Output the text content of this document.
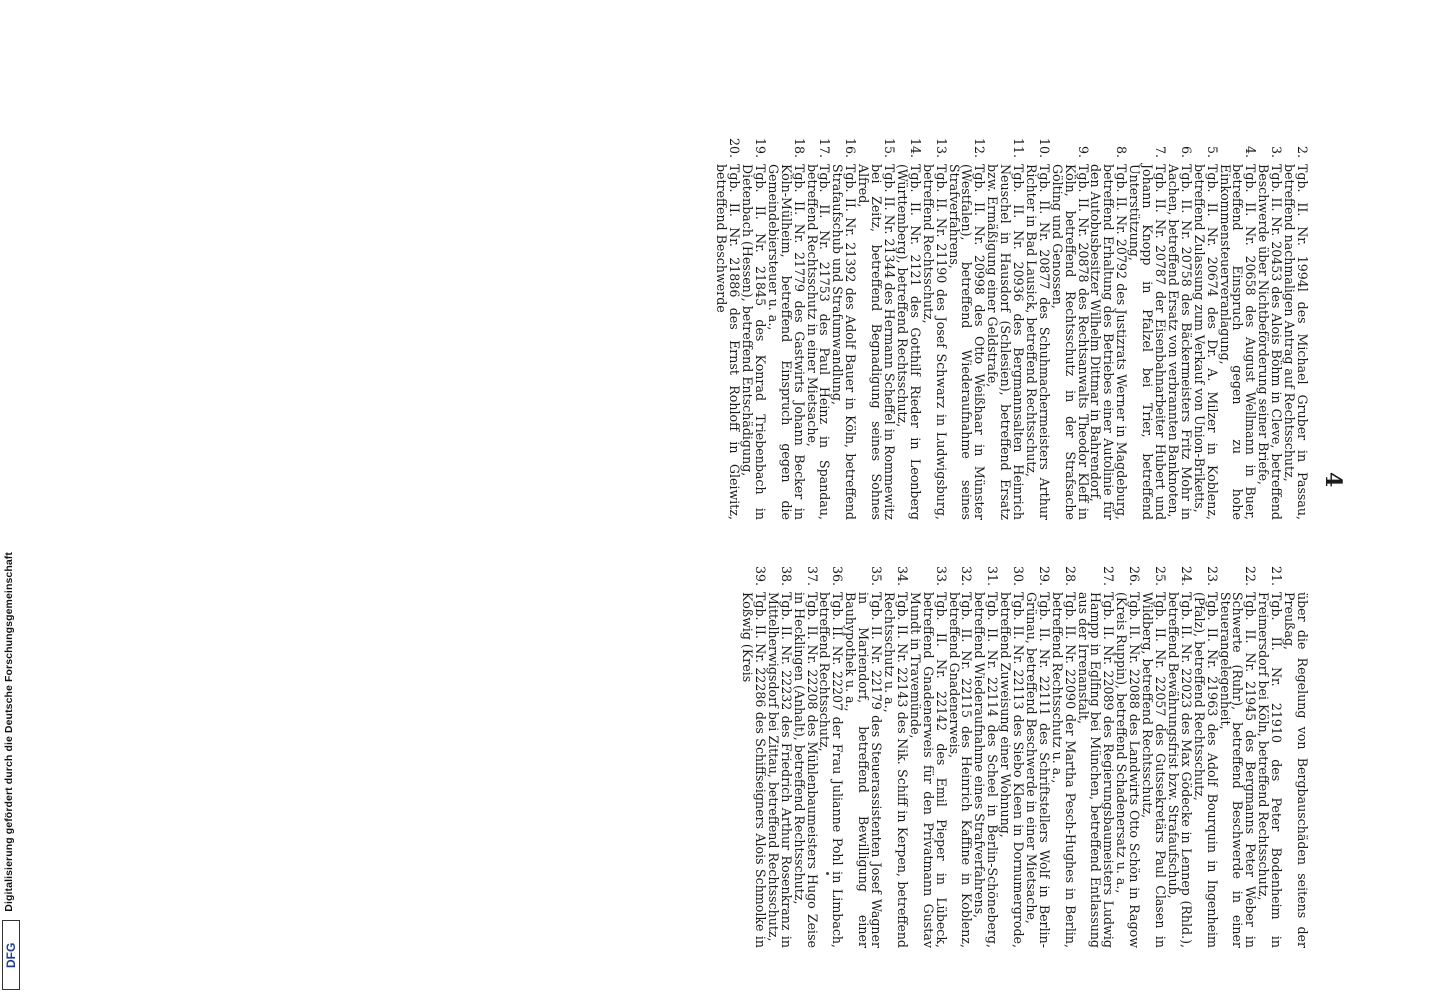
4

2.
Tgb. II. Nr. 1994l des Michael Gruber in Passau, betreffend nachmaligen Antrag auf Rechtsschutz,

3.
Tgb. II. Nr. 20453 des Alois Böhm in Cleve, betreffend Beschwerde über Nichtbeförderung seiner Briefe,

4.
Tgb. II. Nr. 20658 des August Wellmann in Buer, betreffend Einspruch gegen zu hohe Einkommensteuerveranlagung,

5.
Tgb. II. Nr. 20674 des Dr. A. Milzer in Koblenz, betreffend Zulassung zum Verkauf von Union-Briketts,

6.
Tgb. II. Nr. 20758 des Bäckermeisters Fritz Mohr in Aachen, betreffend Ersatz von verbrannten Banknoten,

7.
Tgb. II. Nr. 20787 der Eisenbahnarbeiter Hubert und Johann Knopp in Pfalzel bei Trier, betreffend Unterstützung,

8.
Tgb. II. Nr. 20792 des Justizrats Werner in Magdeburg, betreffend Erhaltung des Betriebes einer Autolinie für den Autobusbesitzer Wilhelm Dittmar in Bahrendorf,

9.
Tgb. II. Nr. 20878 des Rechtsanwalts Theodor Kleff in Köln, betreffend Rechtsschutz in der Strafsache Gölting und Genossen,

10.
Tgb. II. Nr. 20877 des Schuhmachermeisters Arthur Richter in Bad Lausick, betreffend Rechtsschutz,

11.
Tgb. II. Nr. 20936 des Bergmannsalten Heinrich Neuschel in Hausdorf (Schlesien), betreffend Ersatz bzw. Ermäßigung einer Geldstrafe,

12.
Tgb. II. Nr. 20998 des Otto Weißhaar in Münster (Westfalen), betreffend Wiederaufnahme seines Strafverfahrens,

13.
Tgb. II. Nr. 21190 des Josef Schwarz in Ludwigsburg, betreffend Rechtsschutz,

14.
Tgb. II. Nr. 2121 des Gotthilf Rieder in Leonberg (Württemberg), betreffend Rechtsschutz,

15.
Tgb. II. Nr. 21344 des Hermann Scheffel in Rommewitz bei Zeitz, betreffend Begnadigung seines Sohnes Alfred,

16.
Tgb. II. Nr. 21392 des Adolf Bauer in Köln, betreffend Strafaufschub und Strafumwandlung,

17.
Tgb. II. Nr. 21753 des Paul Heinz in Spandau, betreffend Rechtsschutz in einer Mietsache,

18.
Tgb. II. Nr. 21779 des Gastwirts Johann Becker in Köln-Mülheim, betreffend Einspruch gegen die Gemeindebiersteuer u. a.,

19.
Tgb. II. Nr. 21845 des Konrad Triebenbach in Dietenbach (Hessen), betreffend Entschädigung,

20.
Tgb. II. Nr. 21886 des Ernst Rohloff in Gleiwitz, betreffend Beschwerde

über die Regelung von Bergbauschäden seitens der Preußag,

21.
Tgb. II. Nr. 21910 des Peter Bodenheim in Freimersdorf bei Köln, betreffend Rechtsschutz,

22.
Tgb. II. Nr. 21945 des Bergmanns Peter Weber in Schwerte (Ruhr), betreffend Beschwerde in einer Steuerangelegenheit,

23.
Tgb. II. Nr. 21963 des Adolf Bourquin in Ingenheim (Pfalz), betreffend Rechtsschutz,

24.
Tgb. II. Nr. 22023 des Max Gödecke in Lennep (Rhld.), betreffend Bewährungsfrist bzw. Strafaufschub,

25.
Tgb. II. Nr. 22057 des Gutssekretärs Paul Clasen in Wildberg, betreffend Rechtsschutz,

26.
Tgb. II. Nr. 22088 des Landwirts Otto Schön in Ragow (Kreis Ruppin), betreffend Schadenersatz u. a.,

27.
Tgb. II. Nr. 22089 des Regierungsbaumeisters Ludwig Hampp in Eglfing bei München, betreffend Entlassung aus der Irrenanstalt,

28.
Tgb. II. Nr. 22090 der Martha Pesch-Hughes in Berlin, betreffend Rechtsschutz u. a.,

29.
Tgb. II. Nr. 22111 des Schriftstellers Wolf in Berlin-Grünau, betreffend Beschwerde in einer Mietsache,

30.
Tgb. II. Nr. 22113 des Siebo Kleen in Dornumergrode, betreffend Zuweisung einer Wohnung,

31.
Tgb. II. Nr. 22114 des Scheel in Berlin-Schöneberg, betreffend Wiederaufnahme eines Strafverfahrens,

32.
Tgb. II. Nr. 22115 des Heinrich Kaffine in Koblenz, betreffend Gnadenerweis,

33.
Tgb. II. Nr. 22142 des Emil Pieper in Lübeck, betreffend Gnadenerweis für den Privatmann Gustav Mundt in Travemünde,

34.
Tgb. II. Nr. 22143 des Nik. Schiff in Kerpen, betreffend Rechtsschutz u. a.,

35.
Tgb. II. Nr. 22179 des Steuerassistenten Josef Wagner in Mariendorf, betreffend Bewilligung einer Bauhypothek u. a.,

36.
Tgb. II. Nr. 22207 der Frau Julianne Pohl in Limbach, betreffend Rechtsschutz,

37.
Tgb. II. Nr. 22208 des Mühlenbaumeisters Hugo Zeise in Hecklingen (Anhalt), betreffend Rechtsschutz,

38.
Tgb. II. Nr. 22232 des Friedrich Arthur Rosenkranz in Mittelherwigsdorf bei Zittau, betreffend Rechtsschutz,

39.
Tgb. II. Nr. 22286 des Schiffseigners Alois Schmolke in Koßwig (Kreis

Digitalisierung gefördert durch die Deutsche Forschungsgemeinschaft
DFG
